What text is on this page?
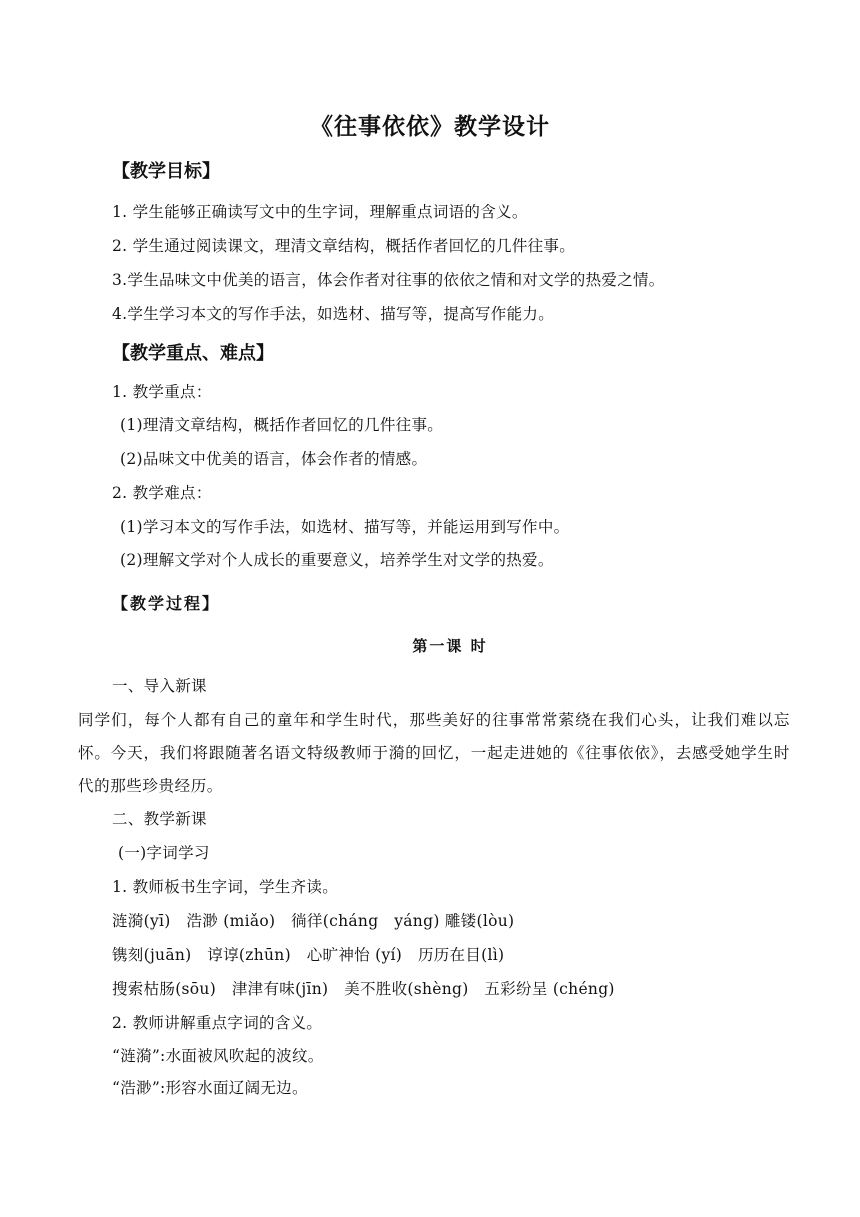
《往事依依》教学设计
【教学目标】
1. 学生能够正确读写文中的生字词，理解重点词语的含义。
2. 学生通过阅读课文，理清文章结构，概括作者回忆的几件往事。
3.学生品味文中优美的语言，体会作者对往事的依依之情和对文学的热爱之情。
4.学生学习本文的写作手法，如选材、描写等，提高写作能力。
【教学重点、难点】
1. 教学重点：
(1)理清文章结构，概括作者回忆的几件往事。
(2)品味文中优美的语言，体会作者的情感。
2. 教学难点：
(1)学习本文的写作手法，如选材、描写等，并能运用到写作中。
(2)理解文学对个人成长的重要意义，培养学生对文学的热爱。
【教学过程】
第一课 时
一、导入新课
同学们，每个人都有自己的童年和学生时代，那些美好的往事常常萦绕在我们心头，让我们难以忘怀。今天，我们将跟随著名语文特级教师于漪的回忆，一起走进她的《往事依依》，去感受她学生时代的那些珍贵经历。
二、教学新课
(一)字词学习
1. 教师板书生字词，学生齐读。
涟漪(yī)　浩渺 (miǎo)　徜徉(cháng　yáng) 雕镂(lòu)
镌刻(juān)　谆谆(zhūn)　心旷神怡 (yí)　历历在目(lì)
搜索枯肠(sōu)　津津有味(jīn)　美不胜收(shèng)　五彩纷呈 (chéng)
2. 教师讲解重点字词的含义。
“涟漪”:水面被风吹起的波纹。
“浩渺”:形容水面辽阔无边。
